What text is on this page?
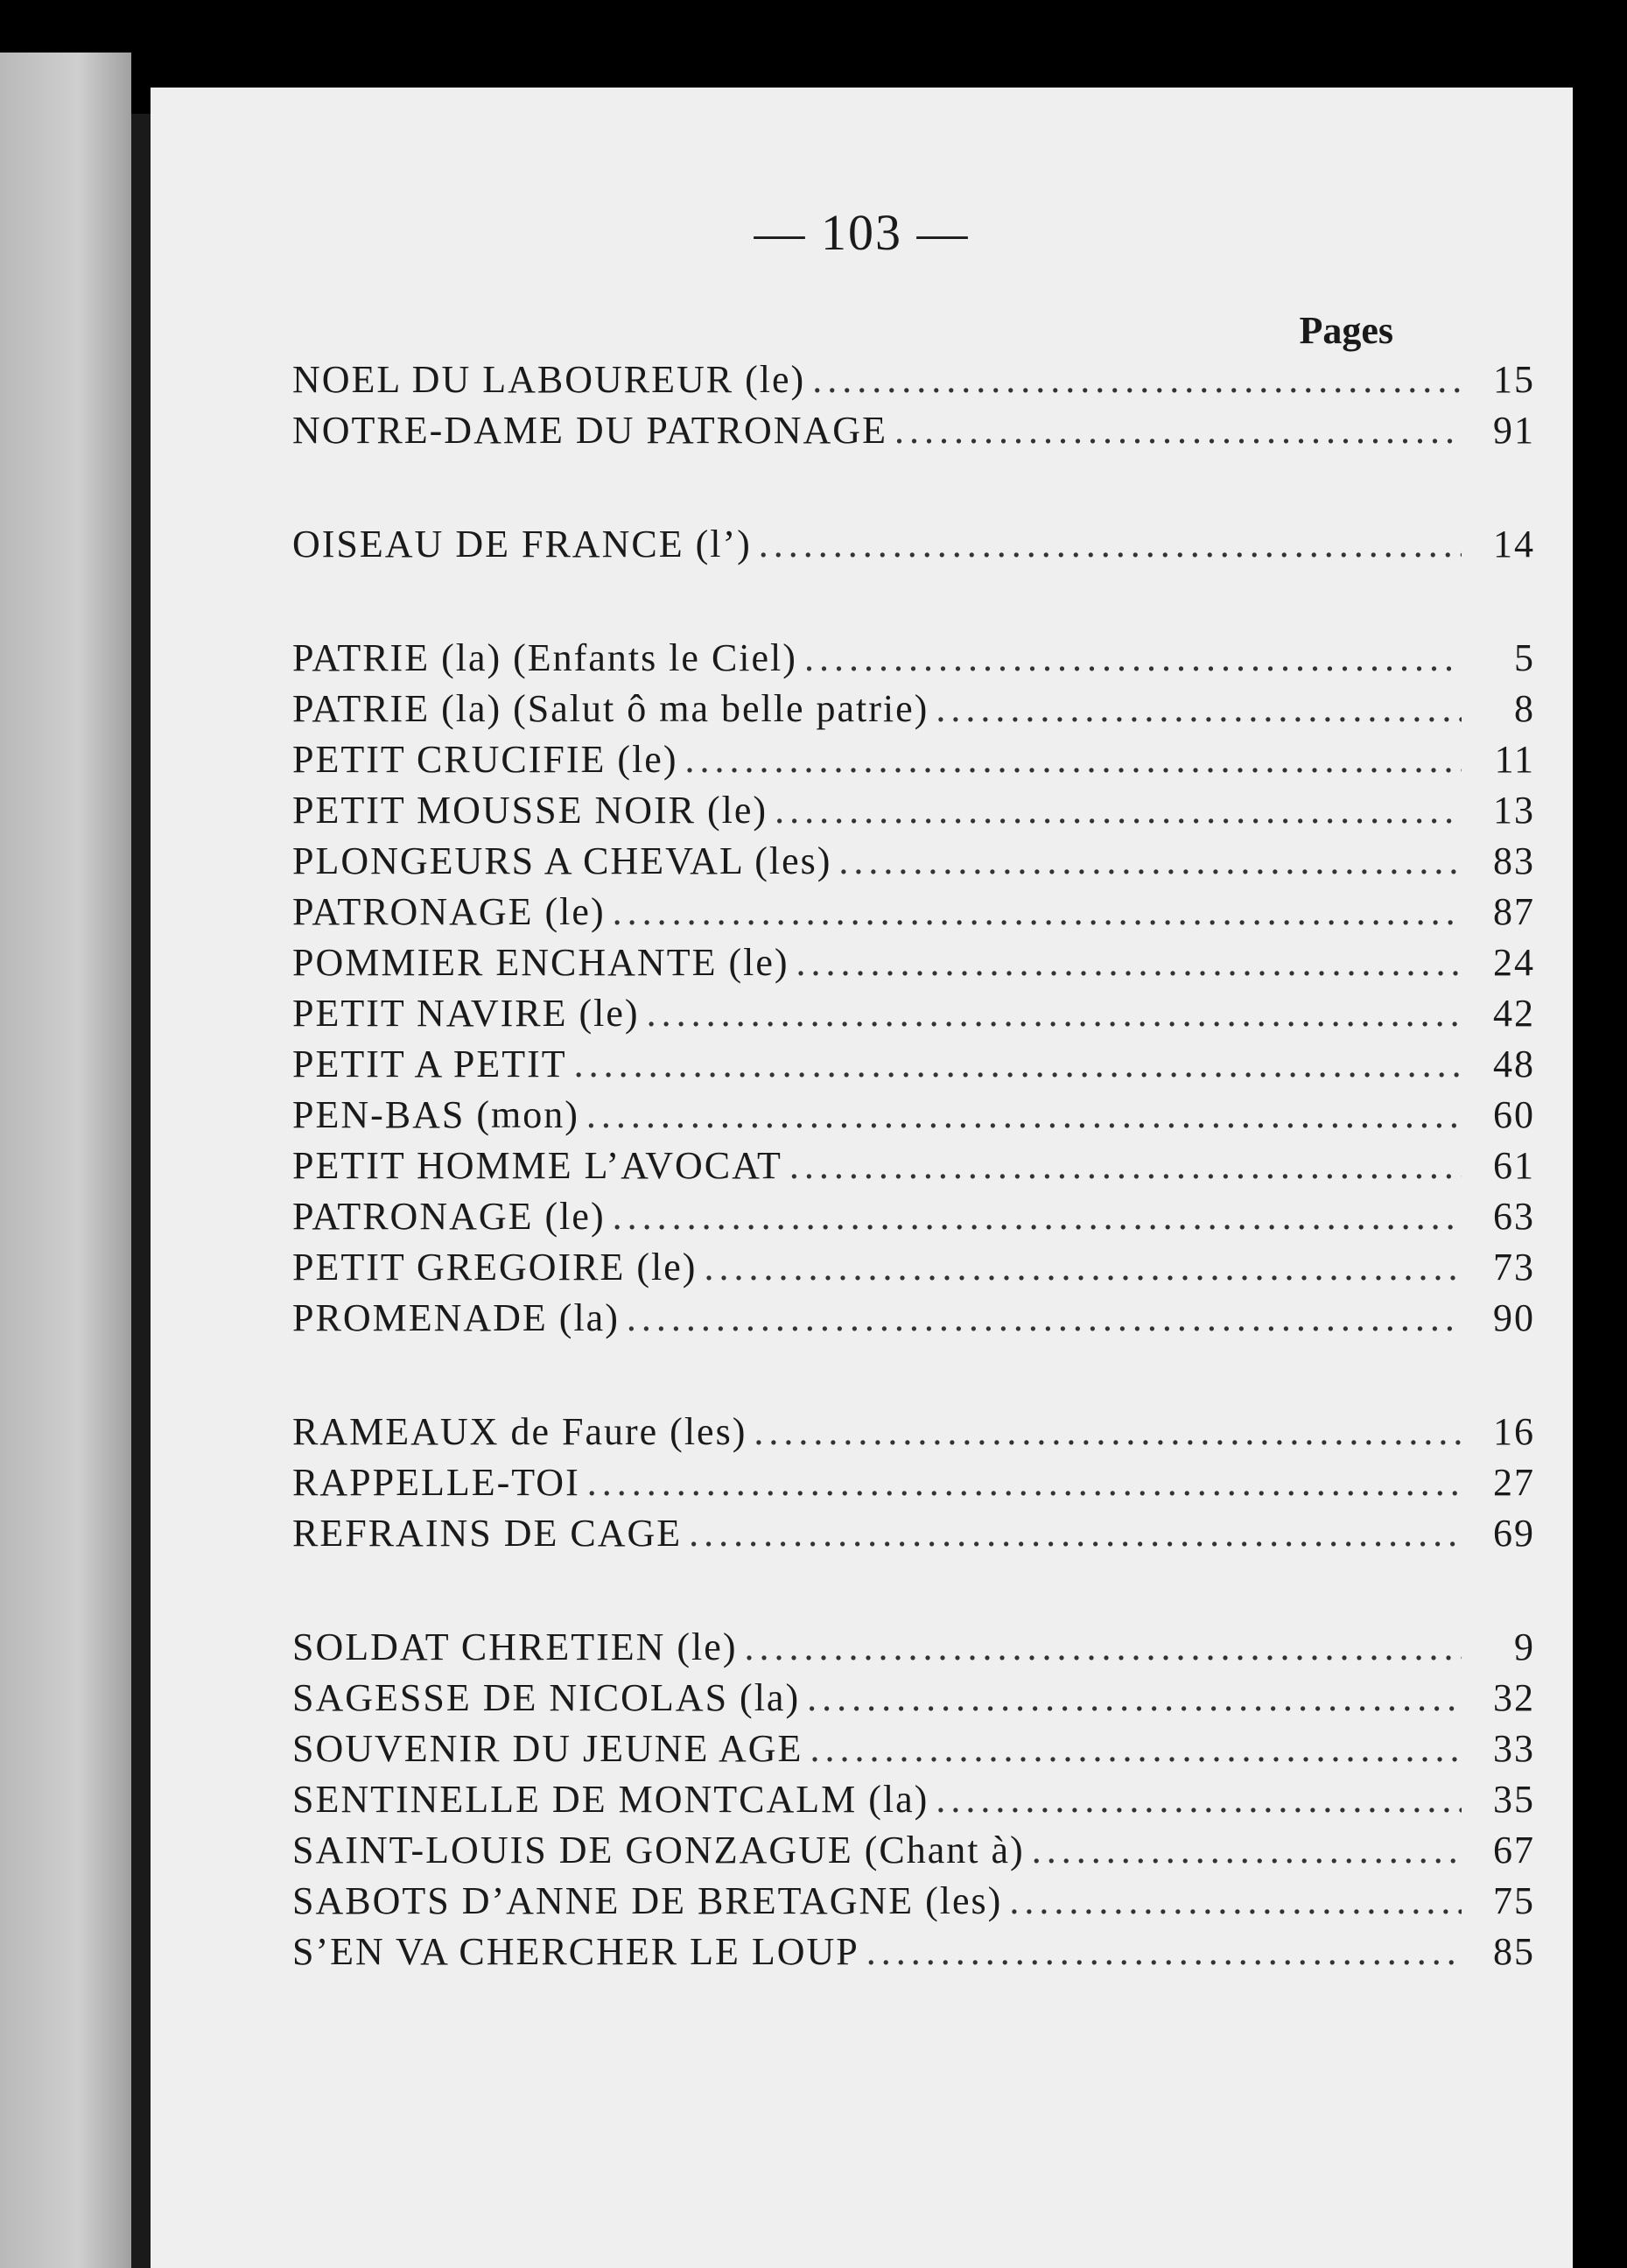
— 103 —
Pages
NOEL DU LABOUREUR (le) .....	15
NOTRE-DAME DU PATRONAGE .....	91
OISEAU DE FRANCE (l’) .....	14
PATRIE (la) (Enfants le Ciel) .....	5
PATRIE (la) (Salut ô ma belle patrie) .....	8
PETIT CRUCIFIE (le) .....	11
PETIT MOUSSE NOIR (le) .....	13
PLONGEURS A CHEVAL (les) .....	83
PATRONAGE (le) .....	87
POMMIER ENCHANTE (le) .....	24
PETIT NAVIRE (le) .....	42
PETIT A PETIT .....	48
PEN-BAS (mon) .....	60
PETIT HOMME L’AVOCAT .....	61
PATRONAGE (le) .....	63
PETIT GREGOIRE (le) .....	73
PROMENADE (la) .....	90
RAMEAUX de Faure (les) .....	16
RAPPELLE-TOI .....	27
REFRAINS DE CAGE .....	69
SOLDAT CHRETIEN (le) .....	9
SAGESSE DE NICOLAS (la) .....	32
SOUVENIR DU JEUNE AGE .....	33
SENTINELLE DE MONTCALM (la) .....	35
SAINT-LOUIS DE GONZAGUE (Chant à) .....	67
SABOTS D’ANNE DE BRETAGNE (les) .....	75
S’EN VA CHERCHER LE LOUP .....	85
